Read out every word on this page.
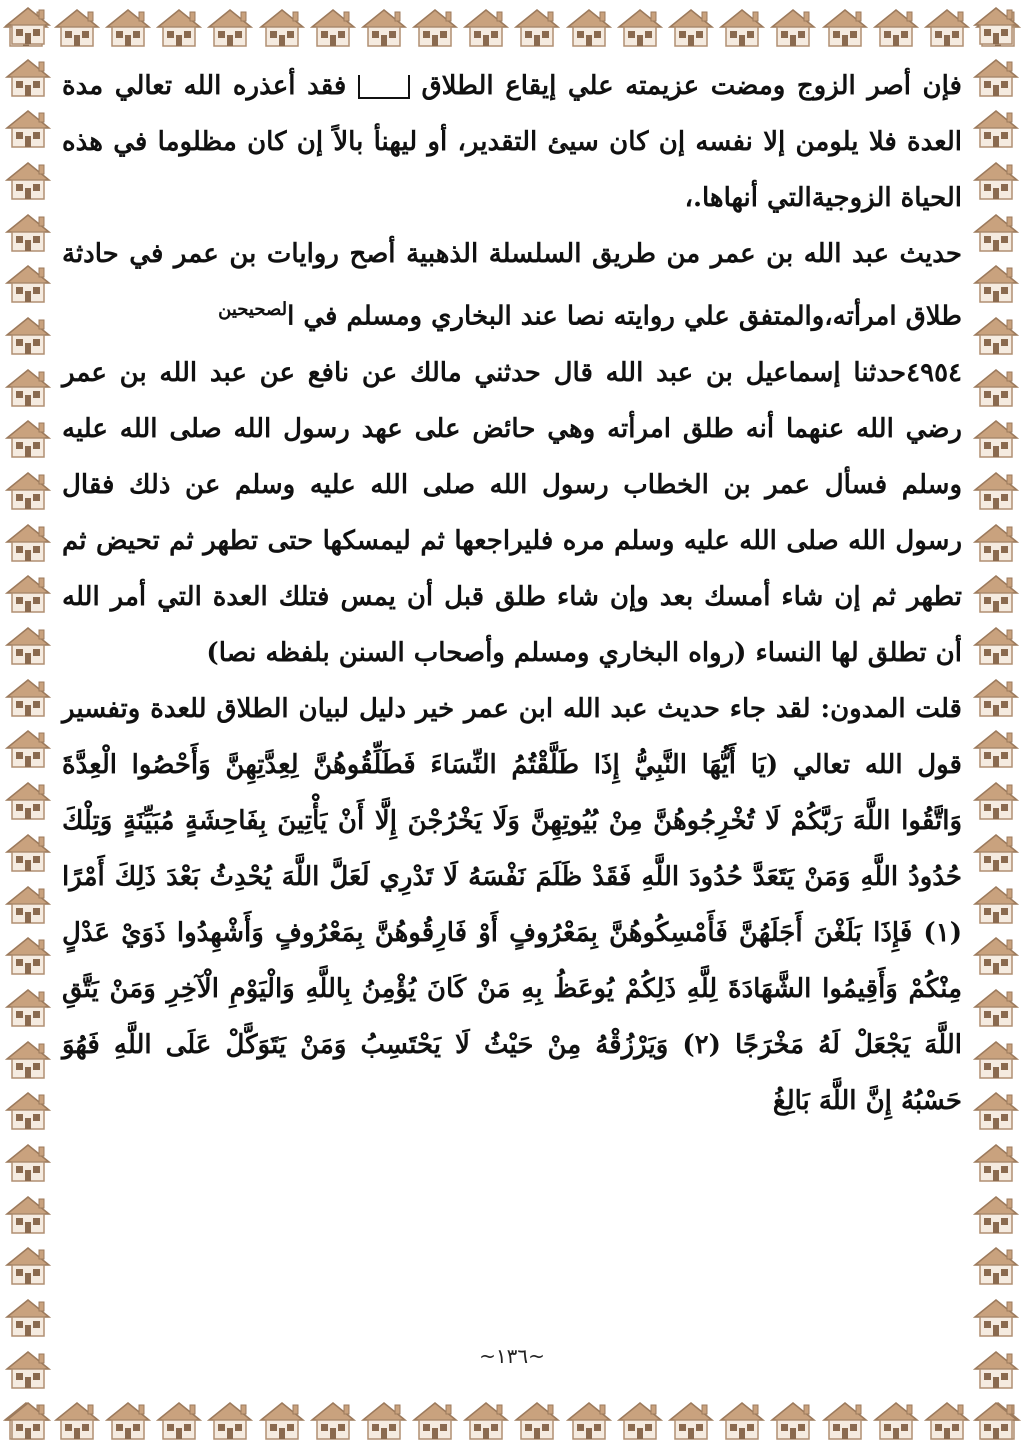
فإن أصر الزوج ومضت عزيمته علي إيقاع الطلاق  فقد أعذره الله تعالي مدة العدة فلا يلومن إلا نفسه إن كان سيئ التقدير، أو ليهنأ بالاً إن كان مظلوما في هذه الحياة الزوجيةالتي أنهاها.،

حديث عبد الله بن عمر من طريق السلسلة الذهبية أصح روايات بن عمر في حادثة طلاق امرأته،والمتفق علي روايته نصا عند البخاري ومسلم في ا$^{لصحيحين}$

٤٩٥٤حدثنا إسماعيل بن عبد الله قال حدثني مالك عن نافع عن عبد الله بن عمر رضي الله عنهما أنه طلق امرأته وهي حائض على عهد رسول الله صلى الله عليه وسلم فسأل عمر بن الخطاب رسول الله صلى الله عليه وسلم عن ذلك فقال رسول الله صلى الله عليه وسلم مره فليراجعها ثم ليمسكها حتى تطهر ثم تحيض ثم تطهر ثم إن شاء أمسك بعد وإن شاء طلق قبل أن يمس فتلك العدة التي أمر الله أن تطلق لها النساء (رواه البخاري ومسلم وأصحاب السنن بلفظه نصا)

قلت المدون: لقد جاء حديث عبد الله ابن عمر خير دليل لبيان الطلاق للعدة وتفسير قول الله تعالي (يَا أَيُّهَا النَّبِيُّ إِذَا طَلَّقْتُمُ النِّسَاءَ فَطَلِّقُوهُنَّ لِعِدَّتِهِنَّ وَأَحْصُوا الْعِدَّةَ وَاتَّقُوا اللَّهَ رَبَّكُمْ لَا تُخْرِجُوهُنَّ مِنْ بُيُوتِهِنَّ وَلَا يَخْرُجْنَ إِلَّا أَنْ يَأْتِينَ بِفَاحِشَةٍ مُبَيِّنَةٍ وَتِلْكَ حُدُودُ اللَّهِ وَمَنْ يَتَعَدَّ حُدُودَ اللَّهِ فَقَدْ ظَلَمَ نَفْسَهُ لَا تَدْرِي لَعَلَّ اللَّهَ يُحْدِثُ بَعْدَ ذَلِكَ أَمْرًا (١) فَإِذَا بَلَغْنَ أَجَلَهُنَّ فَأَمْسِكُوهُنَّ بِمَعْرُوفٍ أَوْ فَارِقُوهُنَّ بِمَعْرُوفٍ وَأَشْهِدُوا ذَوَيْ عَدْلٍ مِنْكُمْ وَأَقِيمُوا الشَّهَادَةَ لِلَّهِ ذَلِكُمْ يُوعَظُ بِهِ مَنْ كَانَ يُؤْمِنُ بِاللَّهِ وَالْيَوْمِ الْآخِرِ وَمَنْ يَتَّقِ اللَّهَ يَجْعَلْ لَهُ مَخْرَجًا (٢) وَيَرْزُقْهُ مِنْ حَيْثُ لَا يَحْتَسِبُ وَمَنْ يَتَوَكَّلْ عَلَى اللَّهِ فَهُوَ حَسْبُهُ إِنَّ اللَّهَ بَالِغُ

~١٣٦~
